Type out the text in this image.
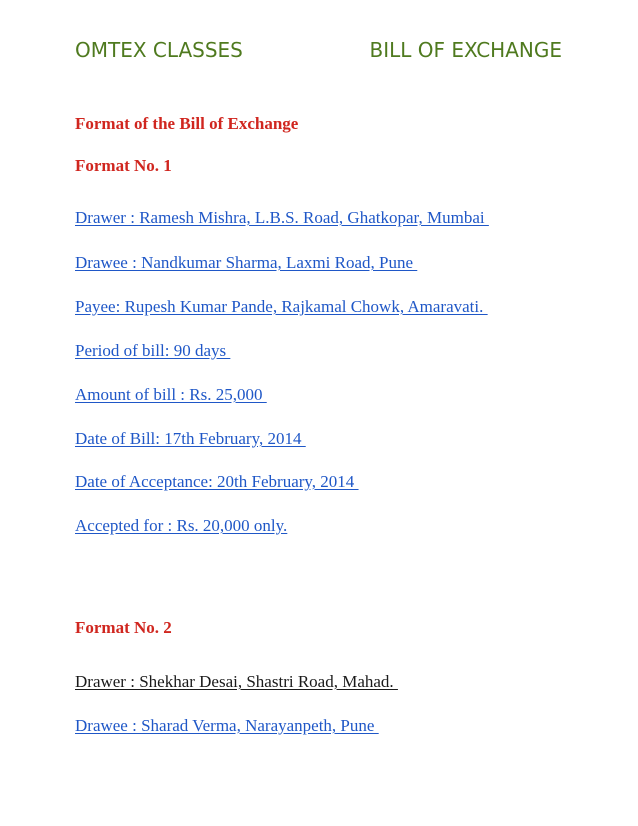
OMTEX CLASSES	BILL OF EXCHANGE
Format of the Bill of Exchange
Format No. 1
Drawer : Ramesh Mishra, L.B.S. Road, Ghatkopar, Mumbai
Drawee : Nandkumar Sharma, Laxmi Road, Pune
Payee: Rupesh Kumar Pande, Rajkamal Chowk, Amaravati.
Period of bill: 90 days
Amount of bill : Rs. 25,000
Date of Bill: 17th February, 2014
Date of Acceptance: 20th February, 2014
Accepted for : Rs. 20,000 only.
Format No. 2
Drawer : Shekhar Desai, Shastri Road, Mahad.
Drawee : Sharad Verma, Narayanpeth, Pune
